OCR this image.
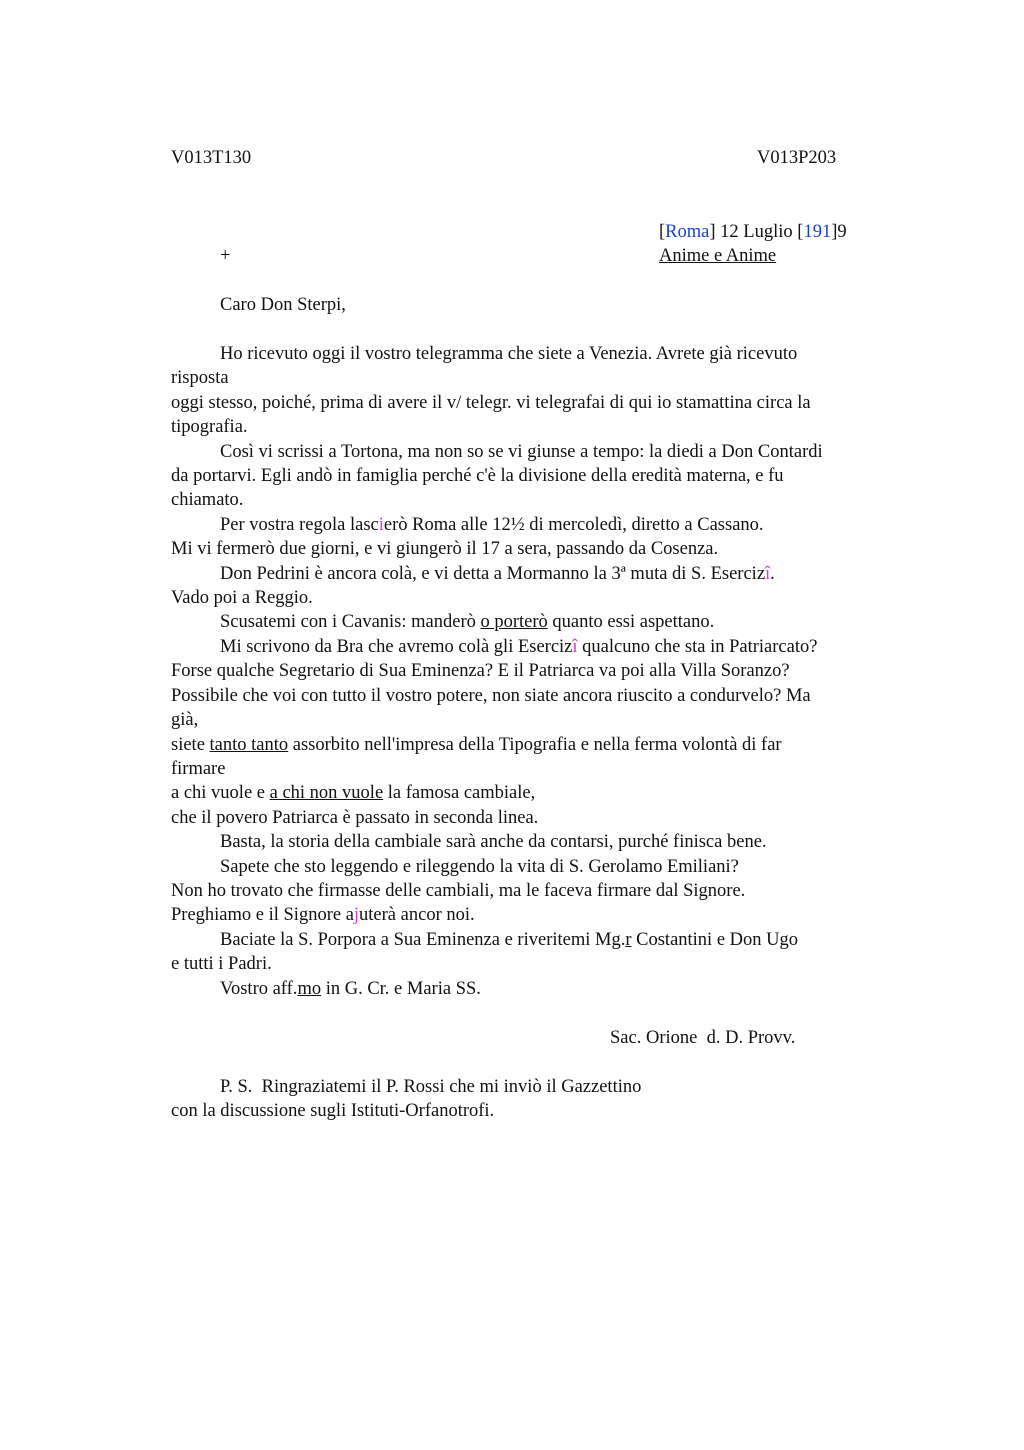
V013T130	V013P203
[Roma] 12 Luglio [191]9
Anime e Anime
+
Caro Don Sterpi,
Ho ricevuto oggi il vostro telegramma che siete a Venezia. Avrete già ricevuto
risposta
oggi stesso, poiché, prima di avere il v/ telegr. vi telegrafai di qui io stamattina circa la
tipografia.
Così vi scrissi a Tortona, ma non so se vi giunse a tempo: la diedi a Don Contardi
da portarvi. Egli andò in famiglia perché c'è la divisione della eredità materna, e fu
chiamato.
Per vostra regola lascierò Roma alle 12½ di mercoledì, diretto a Cassano.
Mi vi fermerò due giorni, e vi giungerò il 17 a sera, passando da Cosenza.
Don Pedrini è ancora colà, e vi detta a Mormanno la 3ª muta di S. Esercizî.
Vado poi a Reggio.
Scusatemi con i Cavanis: manderò o porterò quanto essi aspettano.
Mi scrivono da Bra che avremo colà gli Esercizî qualcuno che sta in Patriarcato?
Forse qualche Segretario di Sua Eminenza? E il Patriarca va poi alla Villa Soranzo?
Possibile che voi con tutto il vostro potere, non siate ancora riuscito a condurvelo? Ma
già,
siete tanto tanto assorbito nell'impresa della Tipografia e nella ferma volontà di far
firmare
a chi vuole e a chi non vuole la famosa cambiale,
che il povero Patriarca è passato in seconda linea.
Basta, la storia della cambiale sarà anche da contarsi, purché finisca bene.
Sapete che sto leggendo e rileggendo la vita di S. Gerolamo Emiliani?
Non ho trovato che firmasse delle cambiali, ma le faceva firmare dal Signore.
Preghiamo e il Signore ajuterà ancor noi.
Baciate la S. Porpora a Sua Eminenza e riveritemi Mg.r Costantini e Don Ugo
e tutti i Padri.
Vostro aff.mo in G. Cr. e Maria SS.
Sac. Orione  d. D. Provv.
P. S.  Ringraziatemi il P. Rossi che mi inviò il Gazzettino
con la discussione sugli Istituti-Orfanotrofi.
